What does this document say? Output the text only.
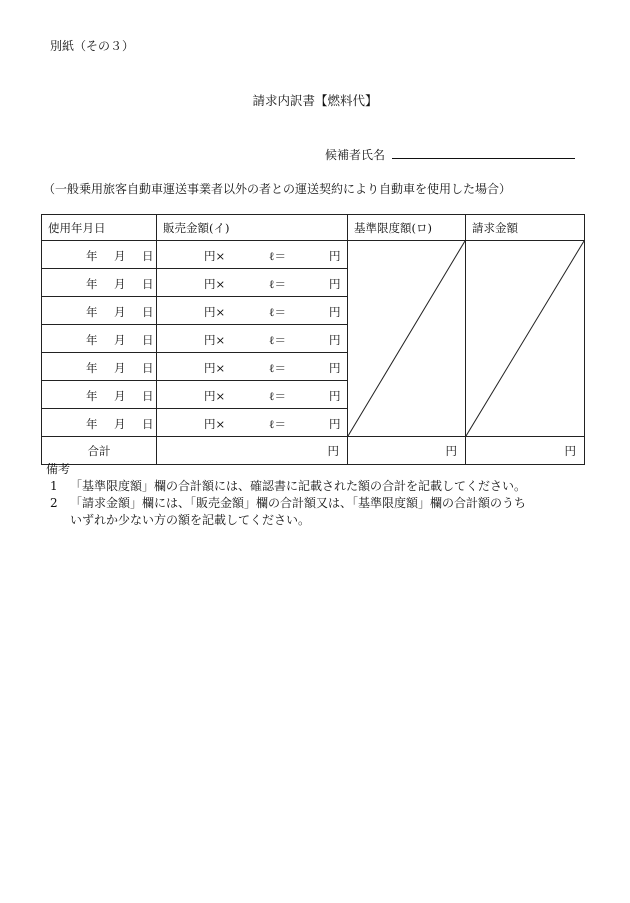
別紙（その３）
請求内訳書【燃料代】
候補者氏名
（一般乗用旅客自動車運送事業者以外の者との運送契約により自動車を使用した場合）
使用年月日	販売金額(イ)	基準限度額(ロ)	請求金額

年 月 日	円× ℓ＝ 円

年 月 日	円× ℓ＝ 円		

年 月 日	円× ℓ＝ 円		

年 月 日	円× ℓ＝ 円		

年 月 日	円× ℓ＝ 円		

年 月 日	円× ℓ＝ 円		

年 月 日	円× ℓ＝ 円		

合計	円	円	円
備考
1 「基準限度額」欄の合計額には、確認書に記載された額の合計を記載してください。
2 「請求金額」欄には、「販売金額」欄の合計額又は、「基準限度額」欄の合計額のうち
いずれか少ない方の額を記載してください。
